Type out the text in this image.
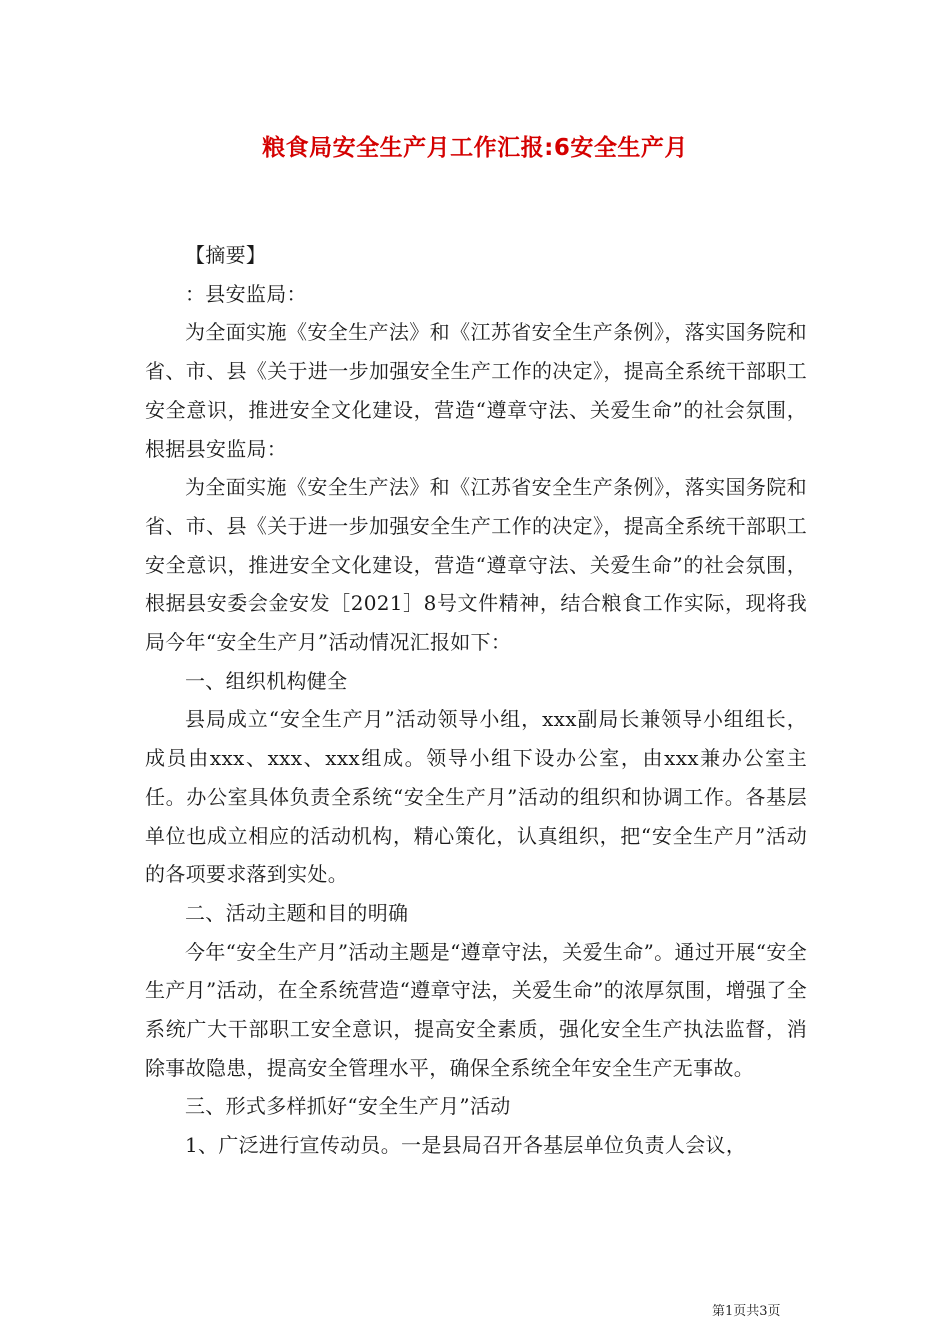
粮食局安全生产月工作汇报:6安全生产月

【摘要】

：县安监局：

为全面实施《安全生产法》和《江苏省安全生产条例》，落实国务院和省、市、县《关于进一步加强安全生产工作的决定》，提高全系统干部职工安全意识，推进安全文化建设，营造“遵章守法、关爱生命”的社会氛围，根据县安监局：

为全面实施《安全生产法》和《江苏省安全生产条例》，落实国务院和省、市、县《关于进一步加强安全生产工作的决定》，提高全系统干部职工安全意识，推进安全文化建设，营造“遵章守法、关爱生命”的社会氛围，根据县安委会金安发［2021］8号文件精神，结合粮食工作实际，现将我局今年“安全生产月”活动情况汇报如下：

一、组织机构健全

县局成立“安全生产月”活动领导小组，xxx副局长兼领导小组组长，成员由xxx、xxx、xxx组成。领导小组下设办公室，由xxx兼办公室主任。办公室具体负责全系统“安全生产月”活动的组织和协调工作。各基层单位也成立相应的活动机构，精心策化，认真组织，把“安全生产月”活动的各项要求落到实处。

二、活动主题和目的明确

今年“安全生产月”活动主题是“遵章守法，关爱生命”。通过开展“安全生产月”活动，在全系统营造“遵章守法，关爱生命”的浓厚氛围，增强了全系统广大干部职工安全意识，提高安全素质，强化安全生产执法监督，消除事故隐患，提高安全管理水平，确保全系统全年安全生产无事故。

三、形式多样抓好“安全生产月”活动

1、广泛进行宣传动员。一是县局召开各基层单位负责人会议，

第1页共3页
